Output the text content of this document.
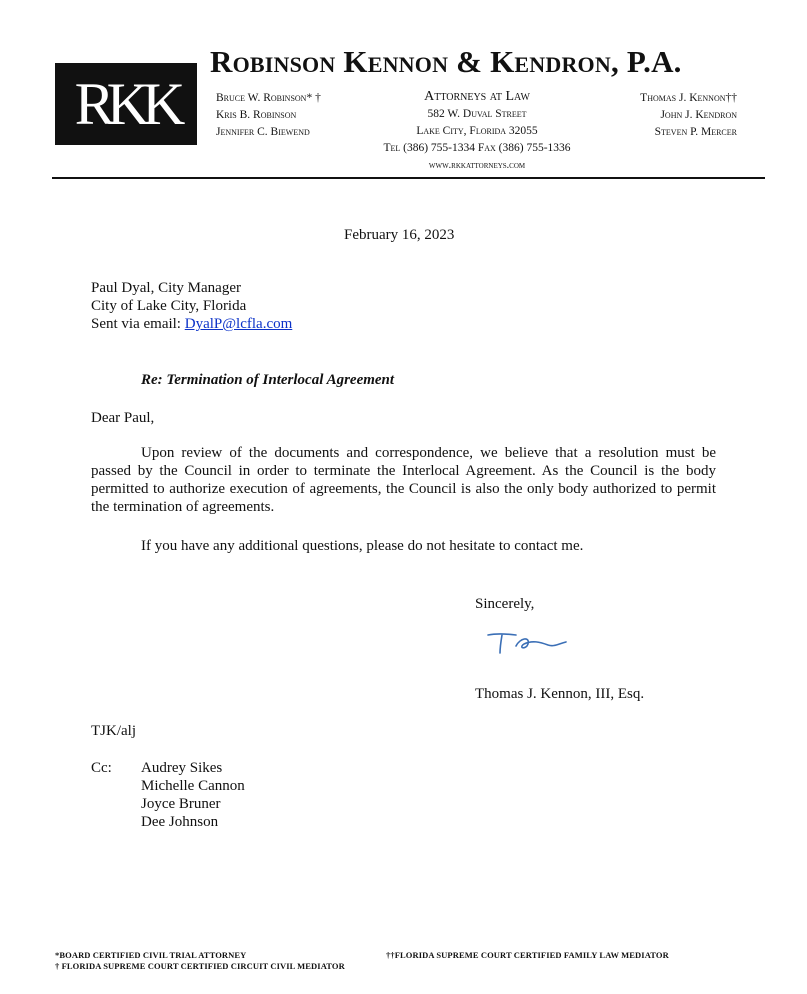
RKK
Robinson Kennon & Kendron, P.A.
Bruce W. Robinson* †
Kris B. Robinson
Jennifer C. Biewend
Attorneys at Law
582 W. Duval Street
Lake City, Florida 32055
Tel (386) 755-1334 Fax (386) 755-1336
www.rkkattorneys.com
Thomas J. Kennon††
John J. Kendron
Steven P. Mercer
February 16, 2023
Paul Dyal, City Manager
City of Lake City, Florida
Sent via email: DyalP@lcfla.com
Re: Termination of Interlocal Agreement
Dear Paul,
Upon review of the documents and correspondence, we believe that a resolution must be passed by the Council in order to terminate the Interlocal Agreement. As the Council is the body permitted to authorize execution of agreements, the Council is also the only body authorized to permit the termination of agreements.
If you have any additional questions, please do not hesitate to contact me.
Sincerely,
Thomas J. Kennon, III, Esq.
TJK/alj
Cc: Audrey Sikes
Michelle Cannon
Joyce Bruner
Dee Johnson
*BOARD CERTIFIED CIVIL TRIAL ATTORNEY
† FLORIDA SUPREME COURT CERTIFIED CIRCUIT CIVIL MEDIATOR
††FLORIDA SUPREME COURT CERTIFIED FAMILY LAW MEDIATOR
